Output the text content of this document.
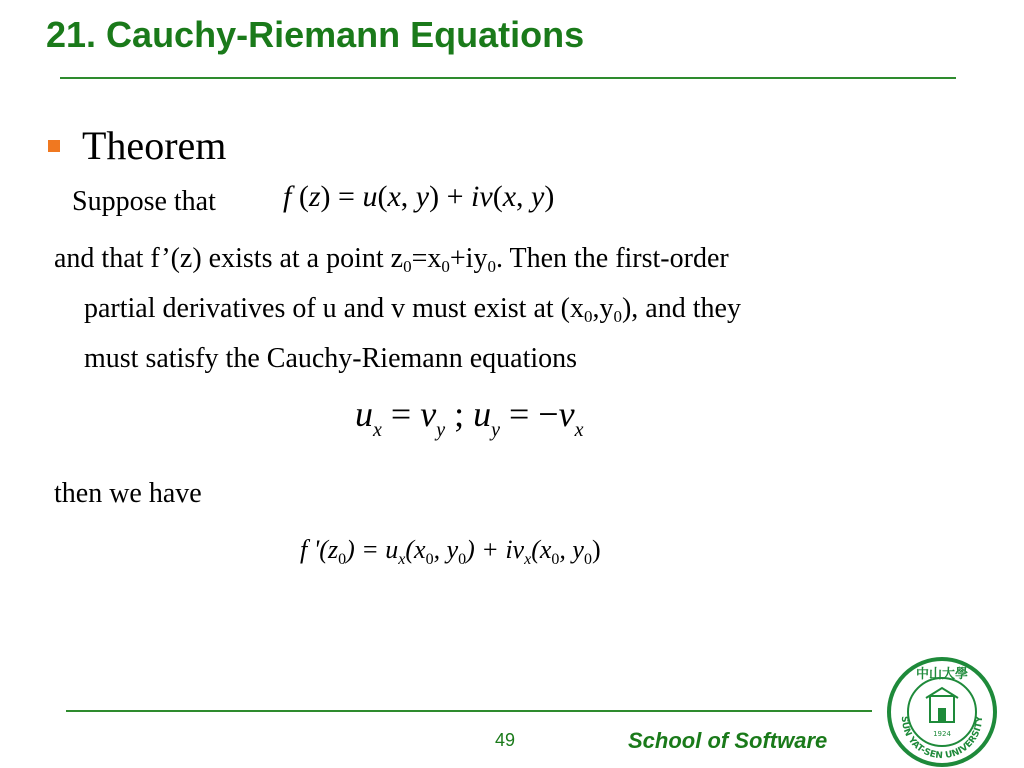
21. Cauchy-Riemann Equations
Theorem
Suppose that f (z) = u(x, y) + iv(x, y)
and that f’(z) exists at a point $z_0=x_0+iy_0$. Then the first-order
partial derivatives of u and v must exist at $(x_0,y_0)$, and they
must satisfy the Cauchy-Riemann equations
$u_x = v_y$ ; $u_y = -v_x$
then we have
f '$(z_0) = u_x(x_0$, $y_0) + iv_x(x_0$, $y_0$)
49	School of Software
中山大學
1924
SUN YAT-SEN UNIVERSITY
